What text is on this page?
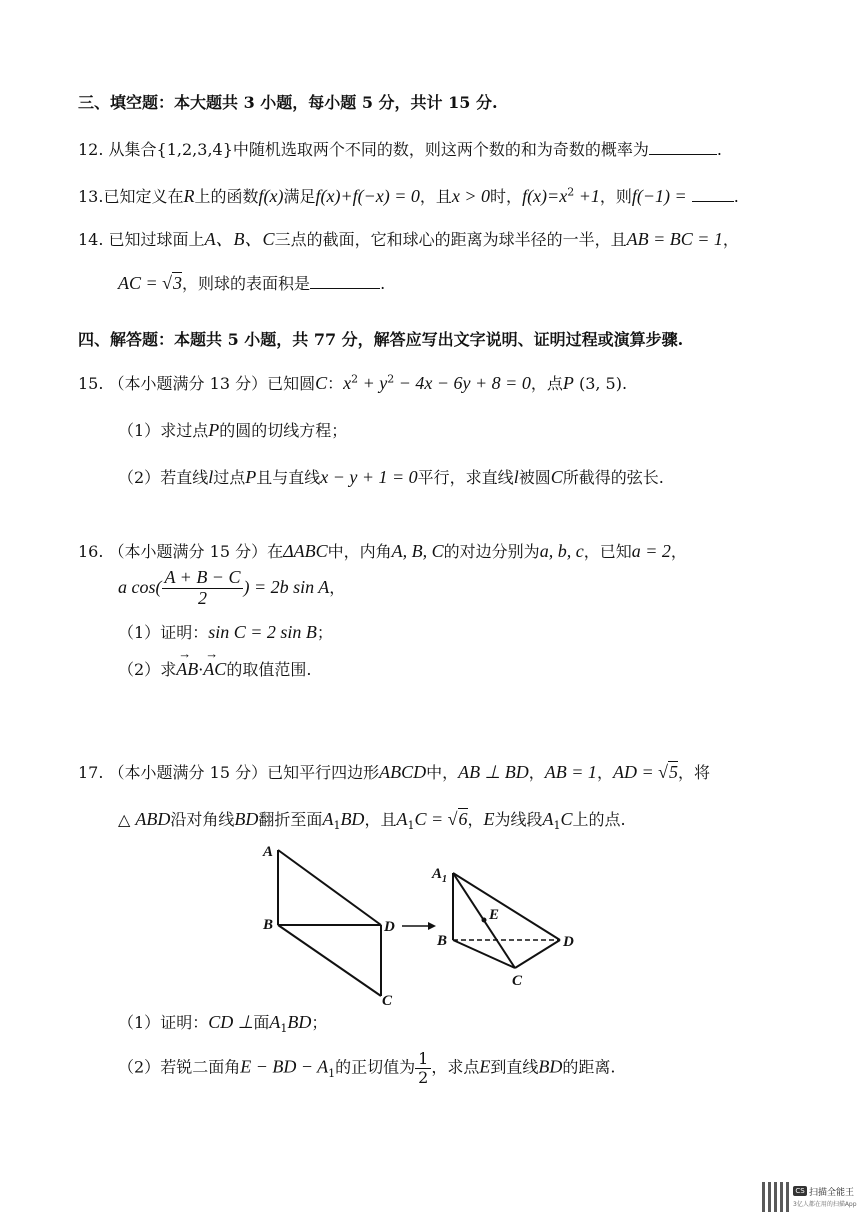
三、填空题：本大题共 3 小题，每小题 5 分，共计 15 分.
12. 从集合{1,2,3,4}中随机选取两个不同的数，则这两个数的和为奇数的概率为	.
13.已知定义在R上的函数f(x)满足f(x)+f(−x) = 0，且x > 0时，$f(x)=x^2 +1$，则f(−1) =	.
14. 已知过球面上A、B、C三点的截面，它和球心的距离为球半径的一半，且AB = BC = 1，
AC = √3，则球的表面积是	.
四、解答题：本题共 5 小题，共 77 分，解答应写出文字说明、证明过程或演算步骤.
15. （本小题满分 13 分）已知圆C：$x^2 + y^2 - 4x - 6y + 8 = 0$，点P (3, 5).
（1）求过点P的圆的切线方程；
（2）若直线l过点P且与直线x − y + 1 = 0平行，求直线l被圆C所截得的弦长.
16. （本小题满分 15 分）在ΔABC中，内角A, B, C的对边分别为a, b, c，已知a = 2，
a $\cos( \frac{A + B - C}{2}$ ) = 2b sin A，
（1）证明：sin C = 2 sin B；
（2）求→ AB·→ AC的取值范围.
17. （本小题满分 15 分）已知平行四边形ABCD中，AB ⊥ BD，AB = 1，AD = √5，将
△ ABD沿对角线BD翻折至面$A_1BD$，且$A_1C = √6$，E为线段$A_1C$上的点.
A
B	D
C
$A_1$
B	D
C
E
（1）证明：CD ⊥面$A_1BD$；
（2）若锐二面角E − BD − $A_1$的正切值为 $\frac{1}{2}$ ，求点E到直线BD的距离.
CS 扫描全能王
3亿人都在用的扫描App
